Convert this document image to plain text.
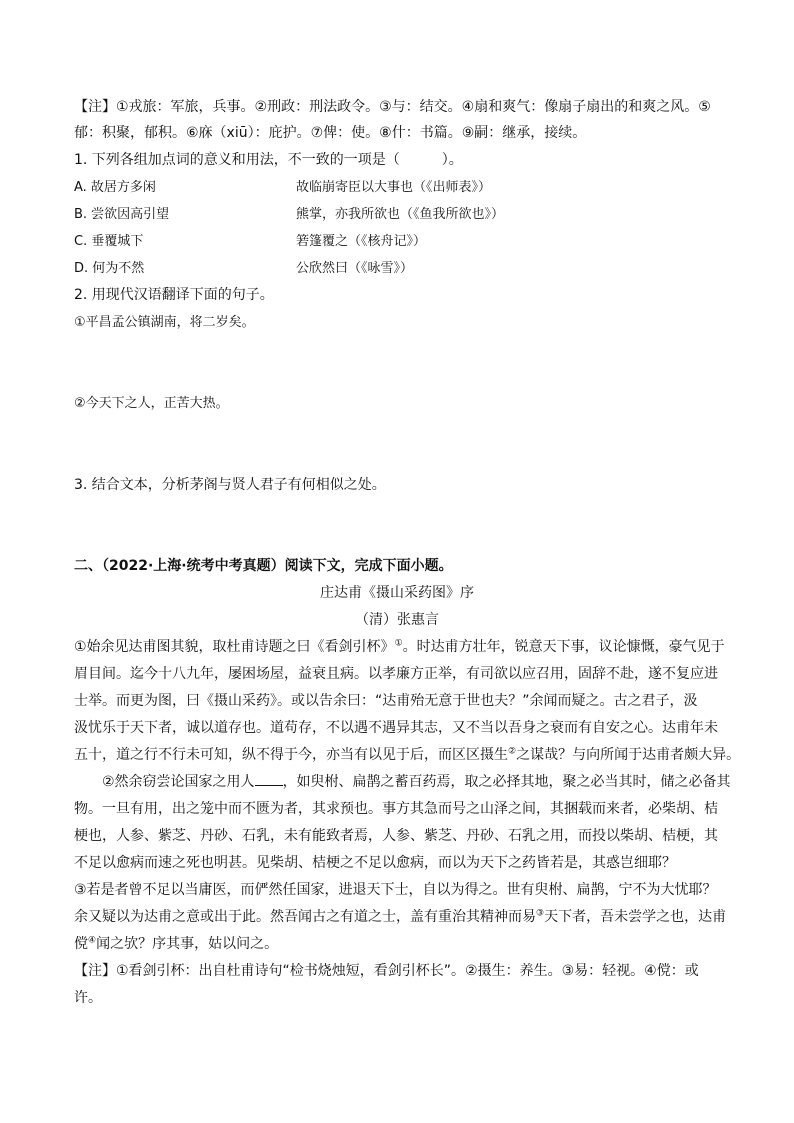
【注】①戎旅：军旅，兵事。②刑政：刑法政令。③与：结交。④扇和爽气：像扇子扇出的和爽之风。⑤

郁：积聚，郁积。⑥庥（xiū）：庇护。⑦俾：使。⑧什：书篇。⑨嗣：继承，接续。

1. 下列各组加点词的意义和用法，不一致的一项是（　　　）。

A. 故居方多闲	故临崩寄臣以大事也（《出师表》）
B. 尝欲因高引望	熊掌，亦我所欲也（《鱼我所欲也》）
C. 垂覆城下	箬篷覆之（《核舟记》）
D. 何为不然	公欣然曰（《咏雪》）

2. 用现代汉语翻译下面的句子。

①平昌孟公镇湖南，将二岁矣。

②今天下之人，正苦大热。

3. 结合文本，分析茅阁与贤人君子有何相似之处。

二、（2022·上海·统考中考真题）阅读下文，完成下面小题。

庄达甫《摄山采药图》序

（清）张惠言

①始余见达甫图其貌，取杜甫诗题之曰《看剑引杯》①。时达甫方壮年，锐意天下事，议论慷慨，豪气见于

眉目间。迄今十八九年，屡困场屋，益衰且病。以孝廉方正举，有司欲以应召用，固辞不赴，遂不复应进

士举。而更为图，曰《摄山采药》。或以告余曰：“达甫殆无意于世也夫？”余闻而疑之。古之君子，汲

汲忧乐于天下者，诚以道存也。道苟存，不以遇不遇异其志，又不当以吾身之衰而有自安之心。达甫年未

五十，道之行不行未可知，纵不得于今，亦当有以见于后，而区区摄生②之谋哉？与向所闻于达甫者颇大异。

②然余窃尝论国家之用人 ，如臾柎、扁鹊之蓄百药焉，取之必择其地，聚之必当其时，储之必备其

物。一旦有用，出之笼中而不匮为者，其求预也。事方其急而号之山泽之间，其捆载而来者，必柴胡、桔

梗也，人参、紫芝、丹砂、石乳，未有能致者焉，人参、紫芝、丹砂、石乳之用，而投以柴胡、桔梗，其

不足以愈病而速之死也明甚。见柴胡、桔梗之不足以愈病，而以为天下之药皆若是，其惑岂细耶？

③若是者曾不足以当庸医，而俨然任国家，进退天下士，自以为得之。世有臾柎、扁鹊，宁不为大忧耶？

余又疑以为达甫之意或出于此。然吾闻古之有道之士，盖有重治其精神而易③天下者，吾未尝学之也，达甫

傥④闻之欤？序其事，姑以问之。

【注】①看剑引杯：出自杜甫诗句“检书烧烛短，看剑引杯长”。②摄生：养生。③易：轻视。④傥：或

许。
